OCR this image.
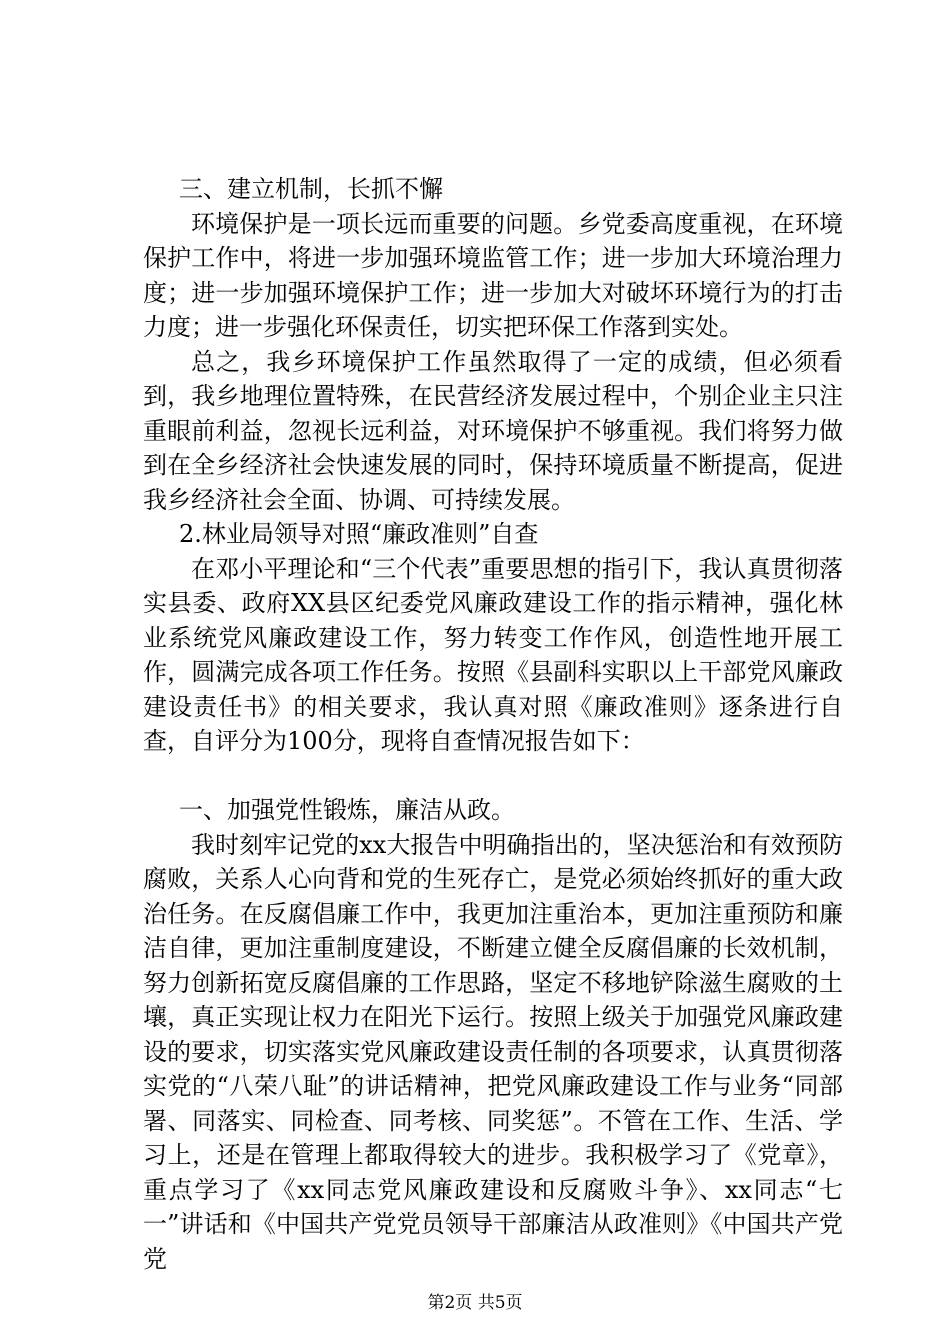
三、建立机制，长抓不懈

环境保护是一项长远而重要的问题。乡党委高度重视，在环境保护工作中，将进一步加强环境监管工作；进一步加大环境治理力度；进一步加强环境保护工作；进一步加大对破坏环境行为的打击力度；进一步强化环保责任，切实把环保工作落到实处。

总之，我乡环境保护工作虽然取得了一定的成绩，但必须看到，我乡地理位置特殊，在民营经济发展过程中，个别企业主只注重眼前利益，忽视长远利益，对环境保护不够重视。我们将努力做到在全乡经济社会快速发展的同时，保持环境质量不断提高，促进我乡经济社会全面、协调、可持续发展。

2.林业局领导对照“廉政准则”自查

在邓小平理论和“三个代表”重要思想的指引下，我认真贯彻落实县委、政府XX县区纪委党风廉政建设工作的指示精神，强化林业系统党风廉政建设工作，努力转变工作作风，创造性地开展工作，圆满完成各项工作任务。按照《县副科实职以上干部党风廉政建设责任书》的相关要求，我认真对照《廉政准则》逐条进行自查，自评分为100分，现将自查情况报告如下：

一、加强党性锻炼，廉洁从政。

我时刻牢记党的xx大报告中明确指出的，坚决惩治和有效预防腐败，关系人心向背和党的生死存亡，是党必须始终抓好的重大政治任务。在反腐倡廉工作中，我更加注重治本，更加注重预防和廉洁自律，更加注重制度建设，不断建立健全反腐倡廉的长效机制，努力创新拓宽反腐倡廉的工作思路，坚定不移地铲除滋生腐败的土壤，真正实现让权力在阳光下运行。按照上级关于加强党风廉政建设的要求，切实落实党风廉政建设责任制的各项要求，认真贯彻落实党的“八荣八耻”的讲话精神，把党风廉政建设工作与业务“同部署、同落实、同检查、同考核、同奖惩”。不管在工作、生活、学习上，还是在管理上都取得较大的进步。我积极学习了《党章》，重点学习了《xx同志党风廉政建设和反腐败斗争》、xx同志“七一”讲话和《中国共产党党员领导干部廉洁从政准则》《中国共产党党

第2页 共5页
